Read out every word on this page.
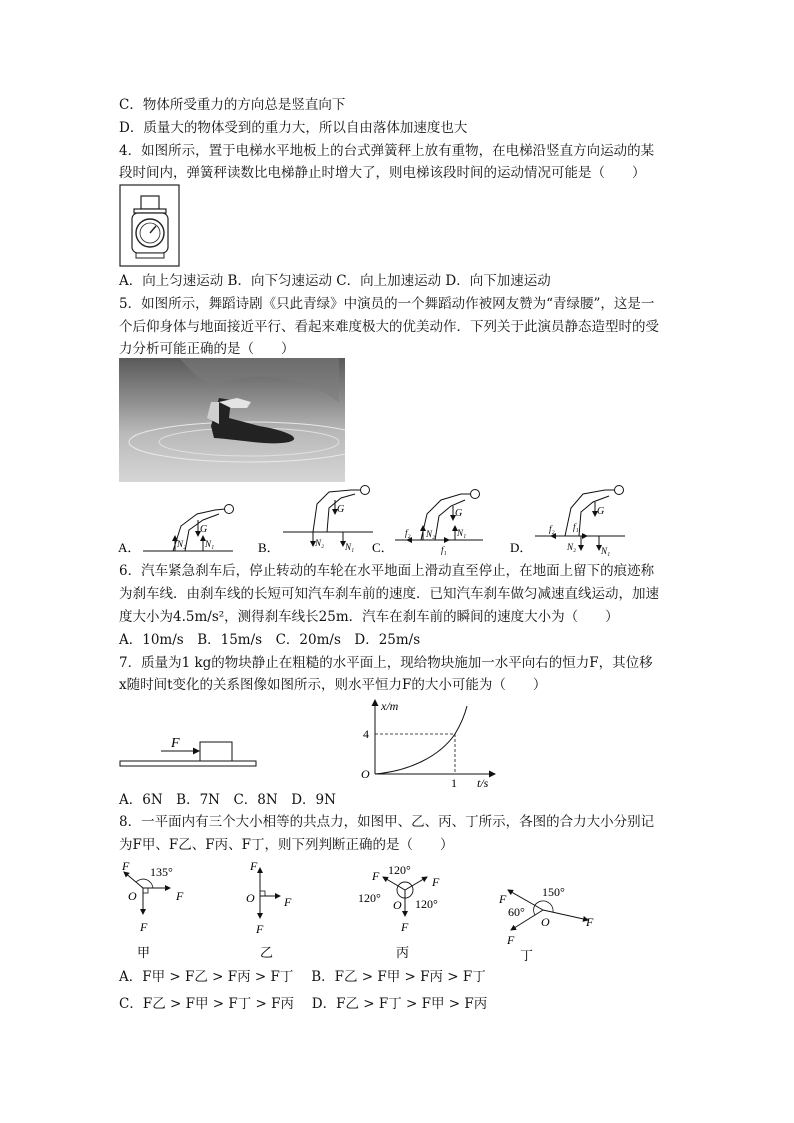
C．物体所受重力的方向总是竖直向下
D．质量大的物体受到的重力大，所以自由落体加速度也大
4．如图所示，置于电梯水平地板上的台式弹簧秤上放有重物，在电梯沿竖直方向运动的某
段时间内，弹簧秤读数比电梯静止时增大了，则电梯该段时间的运动情况可能是（　　）
A．向上匀速运动 B．向下匀速运动 C．向上加速运动 D．向下加速运动
5．如图所示，舞蹈诗剧《只此青绿》中演员的一个舞蹈动作被网友赞为“青绿腰”，这是一
个后仰身体与地面接近平行、看起来难度极大的优美动作．下列关于此演员静态造型时的受
力分析可能正确的是（　　）
A．
G
N₂ N₁	B．
G
N₂ N₁ C．
G
N₂ N₁
f₂
f₁	D．
G
N₂	N₁
f₂ f₁
6．汽车紧急刹车后，停止转动的车轮在水平地面上滑动直至停止，在地面上留下的痕迹称
为刹车线．由刹车线的长短可知汽车刹车前的速度．已知汽车刹车做匀减速直线运动，加速
度大小为4.5m/s²，测得刹车线长25m．汽车在刹车前的瞬间的速度大小为（　　）
A．10m/s　B．15m/s　C．20m/s　D．25m/s
7．质量为1 kg的物块静止在粗糙的水平面上，现给物块施加一水平向右的恒力F，其位移
x随时间t变化的关系图像如图所示，则水平恒力F的大小可能为（　　）
F
x/m
t/s
O
4
1
A．6N　B．7N　C．8N　D．9N
8．一平面内有三个大小相等的共点力，如图甲、乙、丙、丁所示，各图的合力大小分别记
为F甲、F乙、F丙、F丁，则下列判断正确的是（　　）
F 135°
F
O
F
甲
F
O F
F
乙
F	F
120°
120°	120°
O
F
丙
150°
60°
F
F
F
O
丁
A．F甲 > F乙 > F丙 > F丁　 B．F乙 > F甲 > F丙 > F丁
C．F乙 > F甲 > F丁 > F丙　 D．F乙 > F丁 > F甲 > F丙
